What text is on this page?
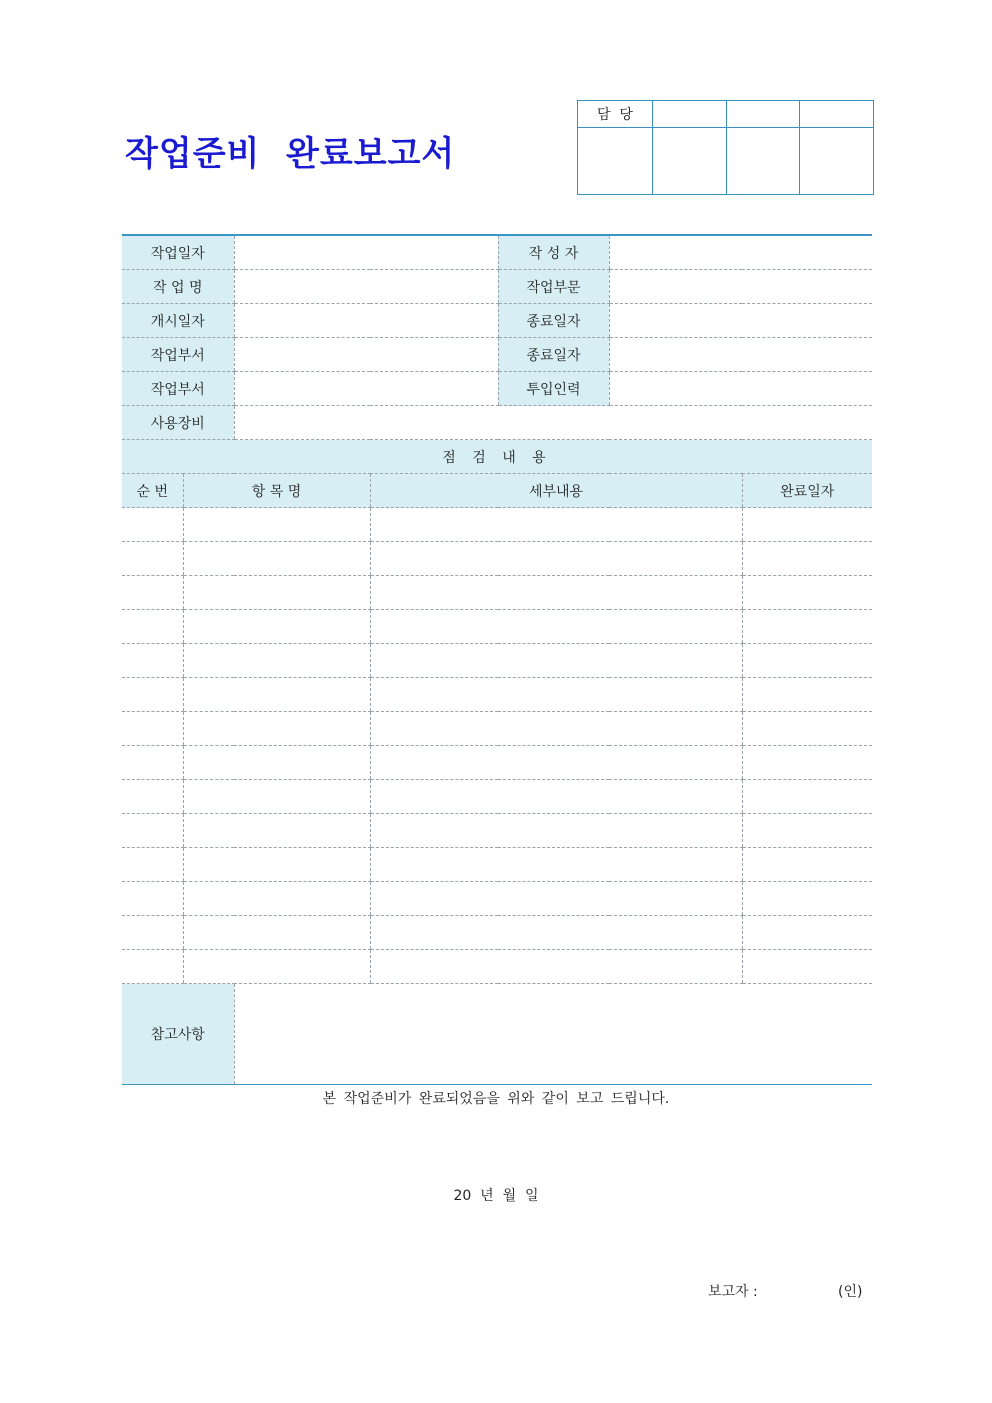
작업준비  완료보고서
담  당			

작업일자				작 성 자		
작 업 명				작업부문		
개시일자				종료일자		
작업부서				종료일자		
작업부서				투입인력		
사용장비						
점 검 내 용						
순 번	항 목 명		세부내용			완료일자

참고사항						
본 작업준비가 완료되었음을 위와 같이 보고 드립니다.
20  년  월  일
보고자 :	(인)
